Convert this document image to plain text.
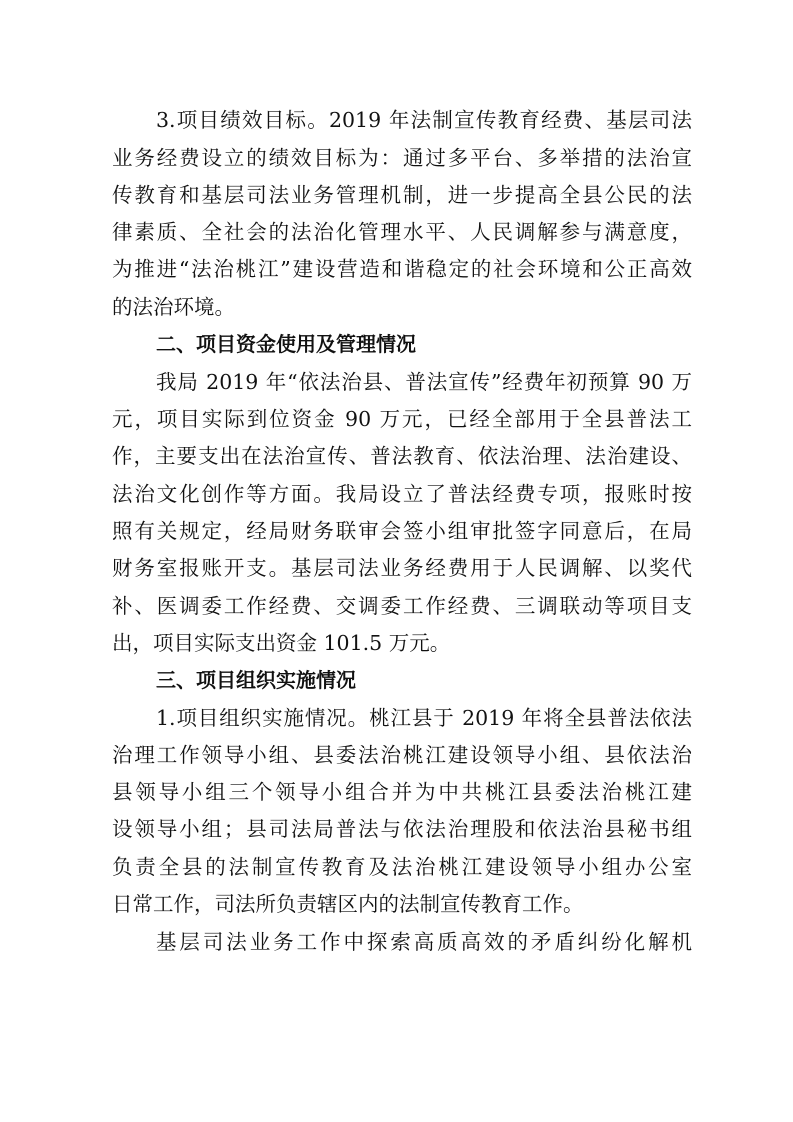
3.项目绩效目标。2019 年法制宣传教育经费、基层司法
业务经费设立的绩效目标为：通过多平台、多举措的法治宣
传教育和基层司法业务管理机制，进一步提高全县公民的法
律素质、全社会的法治化管理水平、人民调解参与满意度，
为推进“法治桃江”建设营造和谐稳定的社会环境和公正高效
的法治环境。
二、项目资金使用及管理情况
我局 2019 年“依法治县、普法宣传”经费年初预算 90 万
元，项目实际到位资金 90 万元，已经全部用于全县普法工
作，主要支出在法治宣传、普法教育、依法治理、法治建设、
法治文化创作等方面。我局设立了普法经费专项，报账时按
照有关规定，经局财务联审会签小组审批签字同意后，在局
财务室报账开支。基层司法业务经费用于人民调解、以奖代
补、医调委工作经费、交调委工作经费、三调联动等项目支
出，项目实际支出资金 101.5 万元。
三、项目组织实施情况
1.项目组织实施情况。桃江县于 2019 年将全县普法依法
治理工作领导小组、县委法治桃江建设领导小组、县依法治
县领导小组三个领导小组合并为中共桃江县委法治桃江建
设领导小组；县司法局普法与依法治理股和依法治县秘书组
负责全县的法制宣传教育及法治桃江建设领导小组办公室
日常工作，司法所负责辖区内的法制宣传教育工作。
基层司法业务工作中探索高质高效的矛盾纠纷化解机
